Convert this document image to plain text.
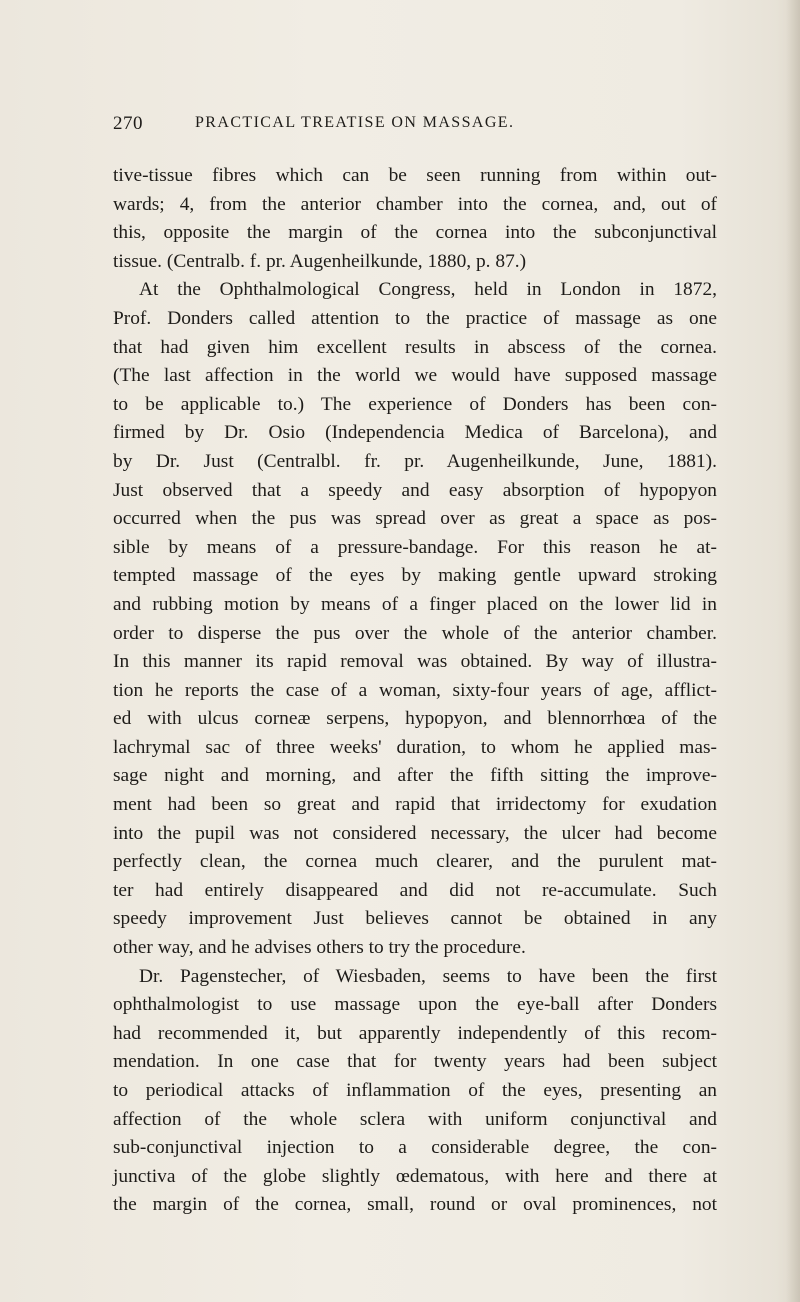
270	PRACTICAL TREATISE ON MASSAGE.
tive-tissue fibres which can be seen running from within out-
wards; 4, from the anterior chamber into the cornea, and, out of
this, opposite the margin of the cornea into the subconjunctival
tissue. (Centralb. f. pr. Augenheilkunde, 1880, p. 87.)
At the Ophthalmological Congress, held in London in 1872,
Prof. Donders called attention to the practice of massage as one
that had given him excellent results in abscess of the cornea.
(The last affection in the world we would have supposed massage
to be applicable to.) The experience of Donders has been con-
firmed by Dr. Osio (Independencia Medica of Barcelona), and
by Dr. Just (Centralbl. fr. pr. Augenheilkunde, June, 1881).
Just observed that a speedy and easy absorption of hypopyon
occurred when the pus was spread over as great a space as pos-
sible by means of a pressure-bandage. For this reason he at-
tempted massage of the eyes by making gentle upward stroking
and rubbing motion by means of a finger placed on the lower lid in
order to disperse the pus over the whole of the anterior chamber.
In this manner its rapid removal was obtained. By way of illustra-
tion he reports the case of a woman, sixty-four years of age, afflict-
ed with ulcus corneæ serpens, hypopyon, and blennorrhœa of the
lachrymal sac of three weeks' duration, to whom he applied mas-
sage night and morning, and after the fifth sitting the improve-
ment had been so great and rapid that irridectomy for exudation
into the pupil was not considered necessary, the ulcer had become
perfectly clean, the cornea much clearer, and the purulent mat-
ter had entirely disappeared and did not re-accumulate. Such
speedy improvement Just believes cannot be obtained in any
other way, and he advises others to try the procedure.
Dr. Pagenstecher, of Wiesbaden, seems to have been the first
ophthalmologist to use massage upon the eye-ball after Donders
had recommended it, but apparently independently of this recom-
mendation. In one case that for twenty years had been subject
to periodical attacks of inflammation of the eyes, presenting an
affection of the whole sclera with uniform conjunctival and
sub-conjunctival injection to a considerable degree, the con-
junctiva of the globe slightly œdematous, with here and there at
the margin of the cornea, small, round or oval prominences, not
